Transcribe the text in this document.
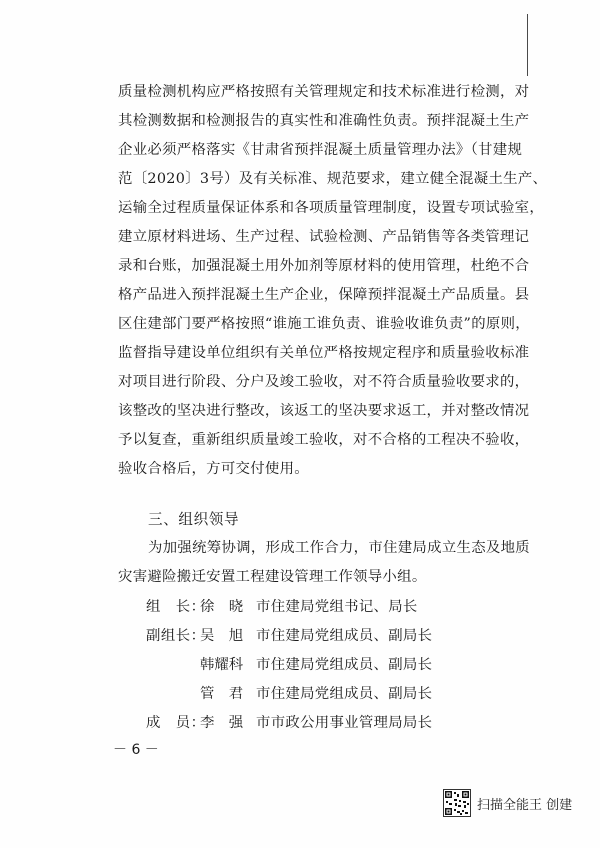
质量检测机构应严格按照有关管理规定和技术标准进行检测，对
其检测数据和检测报告的真实性和准确性负责。预拌混凝土生产
企业必须严格落实《甘肃省预拌混凝土质量管理办法》（甘建规
范〔2020〕3号）及有关标准、规范要求，建立健全混凝土生产、
运输全过程质量保证体系和各项质量管理制度，设置专项试验室，
建立原材料进场、生产过程、试验检测、产品销售等各类管理记
录和台账，加强混凝土用外加剂等原材料的使用管理，杜绝不合
格产品进入预拌混凝土生产企业，保障预拌混凝土产品质量。县
区住建部门要严格按照“谁施工谁负责、谁验收谁负责”的原则，
监督指导建设单位组织有关单位严格按规定程序和质量验收标准
对项目进行阶段、分户及竣工验收，对不符合质量验收要求的，
该整改的坚决进行整改，该返工的坚决要求返工，并对整改情况
予以复查，重新组织质量竣工验收，对不合格的工程决不验收，
验收合格后，方可交付使用。
三、组织领导
为加强统筹协调，形成工作合力，市住建局成立生态及地质
灾害避险搬迁安置工程建设管理工作领导小组。
组　长：
徐　晓 市住建局党组书记、局长
副组长：
吴　旭 市住建局党组成员、副局长
韩耀科 市住建局党组成员、副局长
管　君 市住建局党组成员、副局长
成　员：
李　强 市市政公用事业管理局局长
－ 6 －
扫描全能王 创建
